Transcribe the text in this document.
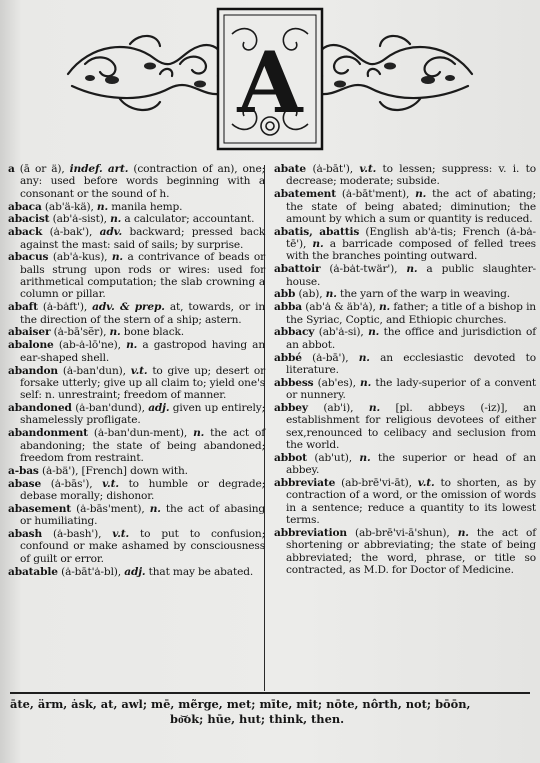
A
a (ā or ä), indef. art. (contraction of an), one; any: used before words beginning with a consonant or the sound of h.
abaca (ab'ä-kä), n. manila hemp.
abacist (ab'ȧ-sist), n. a calculator; accountant.
aback (ȧ-bak'), adv. backward; pressed back against the mast: said of sails; by surprise.
abacus (ab'ȧ-kus), n. a contrivance of beads or balls strung upon rods or wires: used for arithmetical computation; the slab crowning a column or pillar.
abaft (ȧ-bȧft'), adv. & prep. at, towards, or in the direction of the stern of a ship; astern.
abaiser (ȧ-bā'sẽr), n. bone black.
abalone (ab-ȧ-lō'ne), n. a gastropod having an ear-shaped shell.
abandon (ȧ-ban'dun), v.t. to give up; desert or forsake utterly; give up all claim to; yield one's self: n. unrestraint; freedom of manner.
abandoned (ȧ-ban'dund), adj. given up entirely; shamelessly profligate.
abandonment (ȧ-ban'dun-ment), n. the act of abandoning; the state of being abandoned; freedom from restraint.
a-bas (ȧ-bä'), [French] down with.
abase (ȧ-bās'), v.t. to humble or degrade; debase morally; dishonor.
abasement (ȧ-bās'ment), n. the act of abasing or humiliating.
abash (ȧ-bash'), v.t. to put to confusion; confound or make ashamed by consciousness of guilt or error.
abatable (ȧ-bāt'ȧ-bl), adj. that may be abated.
abate (ȧ-bāt'), v.t. to lessen; suppress: v. i. to decrease; moderate; subside.
abatement (ȧ-bāt'ment), n. the act of abating; the state of being abated; diminution; the amount by which a sum or quantity is reduced.
abatis, abattis (English ab'ȧ-tis; French (ȧ-bȧ-tē'), n. a barricade composed of felled trees with the branches pointing outward.
abattoir (ȧ-bȧt-twär'), n. a public slaughter-house.
abb (ab), n. the yarn of the warp in weaving.
abba (ab'ȧ & äb'ȧ), n. father; a title of a bishop in the Syriac, Coptic, and Ethiopic churches.
abbacy (ab'ȧ-si), n. the office and jurisdiction of an abbot.
abbé (ȧ-bā'), n. an ecclesiastic devoted to literature.
abbess (ab'es), n. the lady-superior of a convent or nunnery.
abbey (ab'i), n. [pl. abbeys (-iz)], an establishment for religious devotees of either sex,renounced to celibacy and seclusion from the world.
abbot (ab'ut), n. the superior or head of an abbey.
abbreviate (ab-brē'vi-āt), v.t. to shorten, as by contraction of a word, or the omission of words in a sentence; reduce a quantity to its lowest terms.
abbreviation (ab-brē'vi-ā'shun), n. the act of shortening or abbreviating; the state of being abbreviated; the word, phrase, or title so contracted, as M.D. for Doctor of Medicine.
āte, ärm, ȧsk, at, awl; mē, mẽrge, met; mīte, mit; nōte, nôrth, not; bōōn,
bo͝ok; hūe, hut; think, then.
